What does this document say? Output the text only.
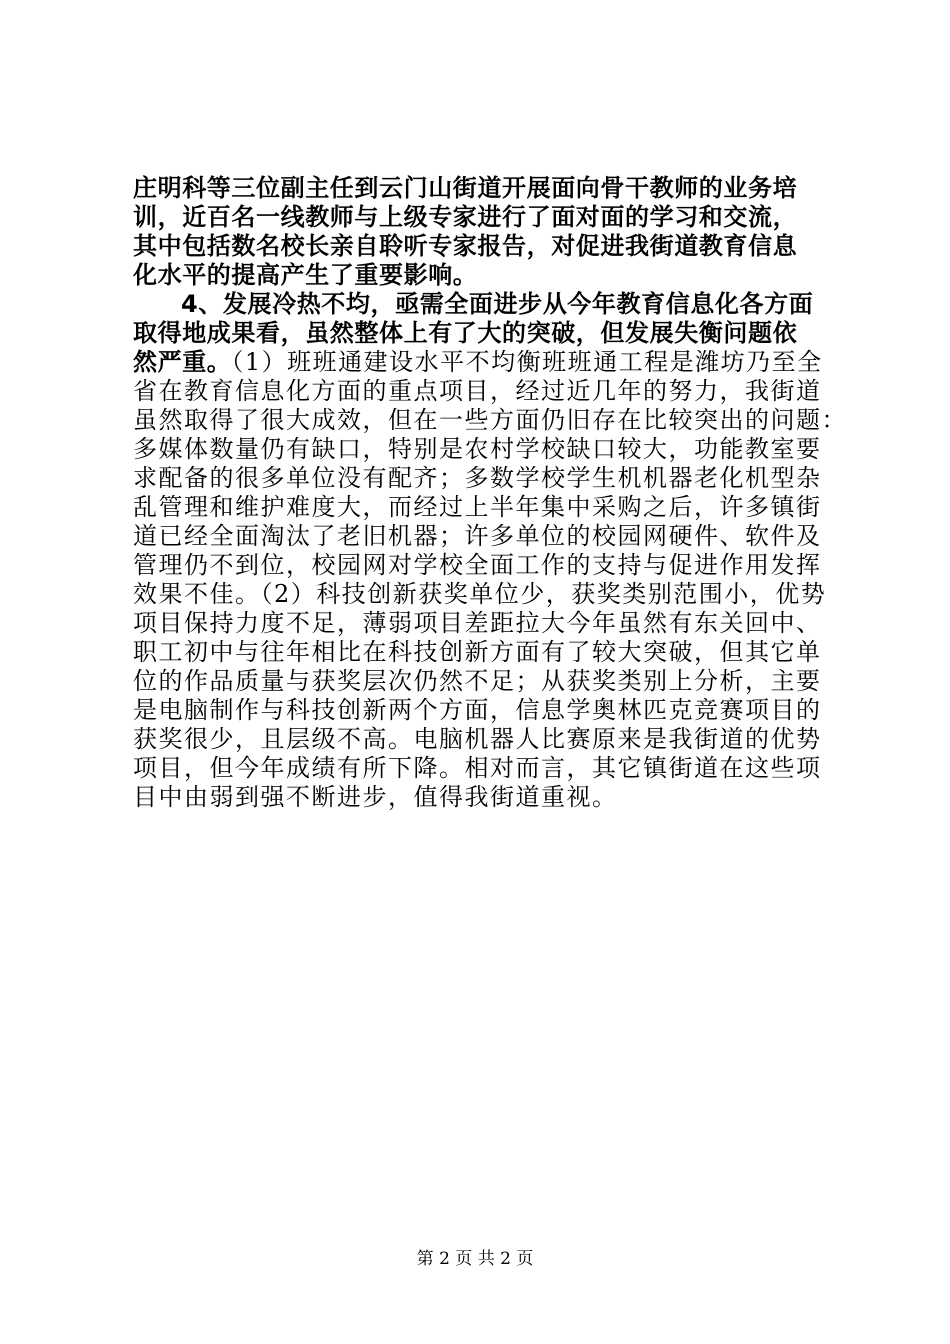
庄明科等三位副主任到云门山街道开展面向骨干教师的业务培
训，近百名一线教师与上级专家进行了面对面的学习和交流，
其中包括数名校长亲自聆听专家报告，对促进我街道教育信息
化水平的提高产生了重要影响。
4、发展冷热不均，亟需全面进步从今年教育信息化各方面
取得地成果看，虽然整体上有了大的突破，但发展失衡问题依
然严重。（1）班班通建设水平不均衡班班通工程是潍坊乃至全
省在教育信息化方面的重点项目，经过近几年的努力，我街道
虽然取得了很大成效，但在一些方面仍旧存在比较突出的问题：
多媒体数量仍有缺口，特别是农村学校缺口较大，功能教室要
求配备的很多单位没有配齐；多数学校学生机机器老化机型杂
乱管理和维护难度大，而经过上半年集中采购之后，许多镇街
道已经全面淘汰了老旧机器；许多单位的校园网硬件、软件及
管理仍不到位，校园网对学校全面工作的支持与促进作用发挥
效果不佳。（2）科技创新获奖单位少，获奖类别范围小，优势
项目保持力度不足，薄弱项目差距拉大今年虽然有东关回中、
职工初中与往年相比在科技创新方面有了较大突破，但其它单
位的作品质量与获奖层次仍然不足；从获奖类别上分析，主要
是电脑制作与科技创新两个方面，信息学奥林匹克竞赛项目的
获奖很少，且层级不高。电脑机器人比赛原来是我街道的优势
项目，但今年成绩有所下降。相对而言，其它镇街道在这些项
目中由弱到强不断进步，值得我街道重视。
第 2 页 共 2 页
